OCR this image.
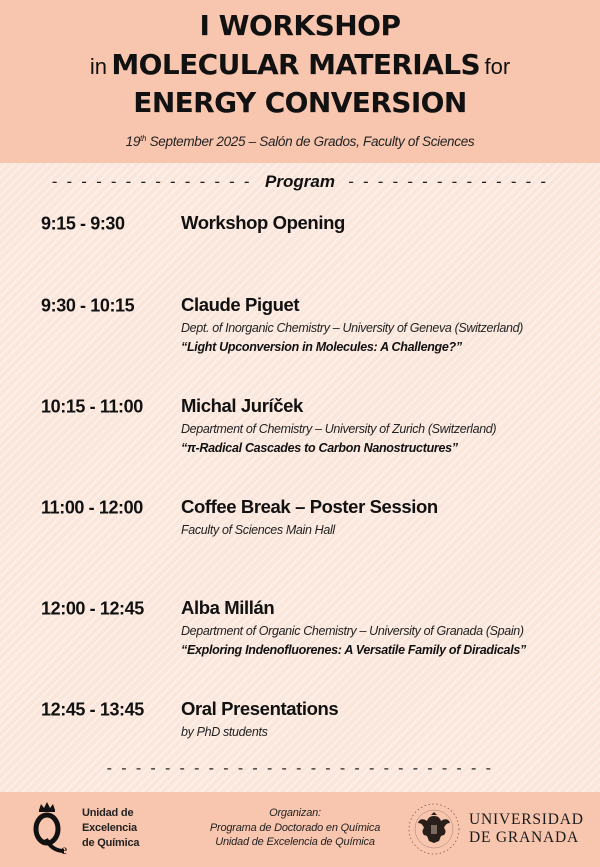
I WORKSHOP
in MOLECULAR MATERIALS for
ENERGY CONVERSION
19th September 2025 – Salón de Grados, Faculty of Sciences
- - - - - - - - - - - - - - Program - - - - - - - - - - - - - -
9:15 - 9:30	Workshop Opening
9:30 - 10:15	Claude Piguet
Dept. of Inorganic Chemistry – University of Geneva (Switzerland)
“Light Upconversion in Molecules: A Challenge?”
10:15 - 11:00 Michal Juríček
Department of Chemistry – University of Zurich (Switzerland)
“π-Radical Cascades to Carbon Nanostructures”
11:00 - 12:00 Coffee Break – Poster Session
Faculty of Sciences Main Hall
12:00 - 12:45 Alba Millán
Department of Organic Chemistry – University of Granada (Spain)
“Exploring Indenofluorenes: A Versatile Family of Diradicals”
12:45 - 13:45 Oral Presentations
by PhD students
- - - - - - - - - - - - - - - - - - - - - - - - - - -
e
Unidad de
Excelencia
de Química
Organizan:
Programa de Doctorado en Química
Unidad de Excelencia de Química
UNIVERSIDAD
DE GRANADA
